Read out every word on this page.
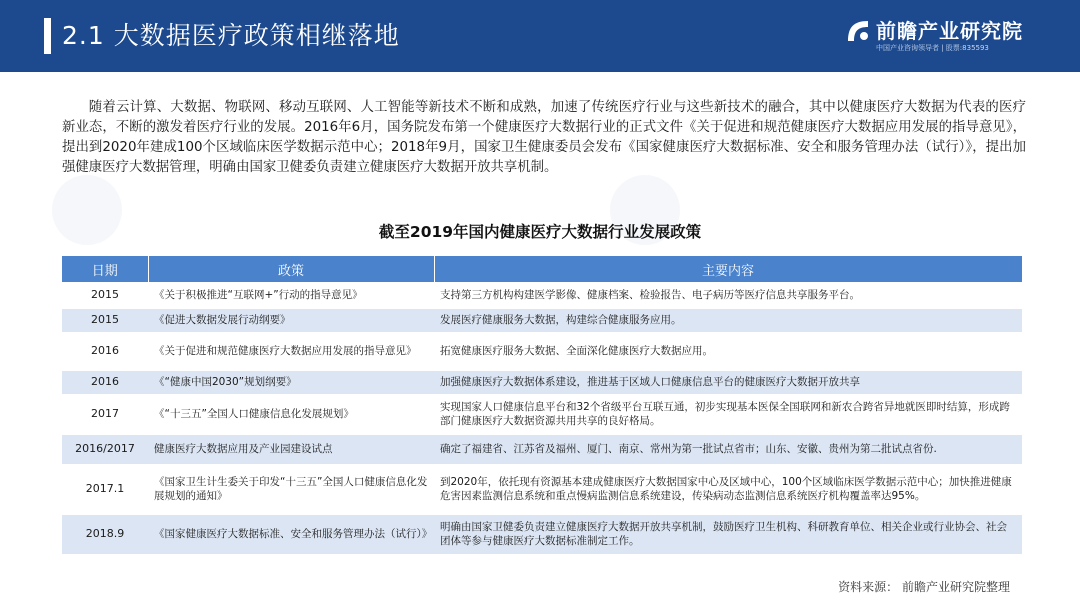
2.1 大数据医疗政策相继落地	前瞻产业研究院
中国产业咨询领导者 | 股票:835593

随着云计算、大数据、物联网、移动互联网、人工智能等新技术不断和成熟，加速了传统医疗行业与这些新技术的融合，其中以健康医疗大数据为代表的医疗新业态，不断的激发着医疗行业的发展。2016年6月，国务院发布第一个健康医疗大数据行业的正式文件《关于促进和规范健康医疗大数据应用发展的指导意见》，提出到2020年建成100个区域临床医学数据示范中心；2018年9月，国家卫生健康委员会发布《国家健康医疗大数据标准、安全和服务管理办法（试行）》，提出加强健康医疗大数据管理，明确由国家卫健委负责建立健康医疗大数据开放共享机制。

截至2019年国内健康医疗大数据行业发展政策
日期	政策	主要内容
2015	《关于积极推进“互联网+”行动的指导意见》	支持第三方机构构建医学影像、健康档案、检验报告、电子病历等医疗信息共享服务平台。
2015	《促进大数据发展行动纲要》	发展医疗健康服务大数据，构建综合健康服务应用。
2016	《关于促进和规范健康医疗大数据应用发展的指导意见》	拓宽健康医疗服务大数据、全面深化健康医疗大数据应用。
2016	《“健康中国2030”规划纲要》	加强健康医疗大数据体系建设，推进基于区域人口健康信息平台的健康医疗大数据开放共享
2017	《“十三五”全国人口健康信息化发展规划》	实现国家人口健康信息平台和32个省级平台互联互通，初步实现基本医保全国联网和新农合跨省异地就医即时结算，形成跨部门健康医疗大数据资源共用共享的良好格局。
2016/2017	健康医疗大数据应用及产业园建设试点	确定了福建省、江苏省及福州、厦门、南京、常州为第一批试点省市；山东、安徽、贵州为第二批试点省份.
2017.1	《国家卫生计生委关于印发“十三五”全国人口健康信息化发展规划的通知》	到2020年，依托现有资源基本建成健康医疗大数据国家中心及区域中心，100个区域临床医学数据示范中心；加快推进健康危害因素监测信息系统和重点慢病监测信息系统建设，传染病动态监测信息系统医疗机构覆盖率达95%。
2018.9	《国家健康医疗大数据标准、安全和服务管理办法（试行）》	明确由国家卫健委负责建立健康医疗大数据开放共享机制，鼓励医疗卫生机构、科研教育单位、相关企业或行业协会、社会团体等参与健康医疗大数据标准制定工作。
资料来源： 前瞻产业研究院整理
